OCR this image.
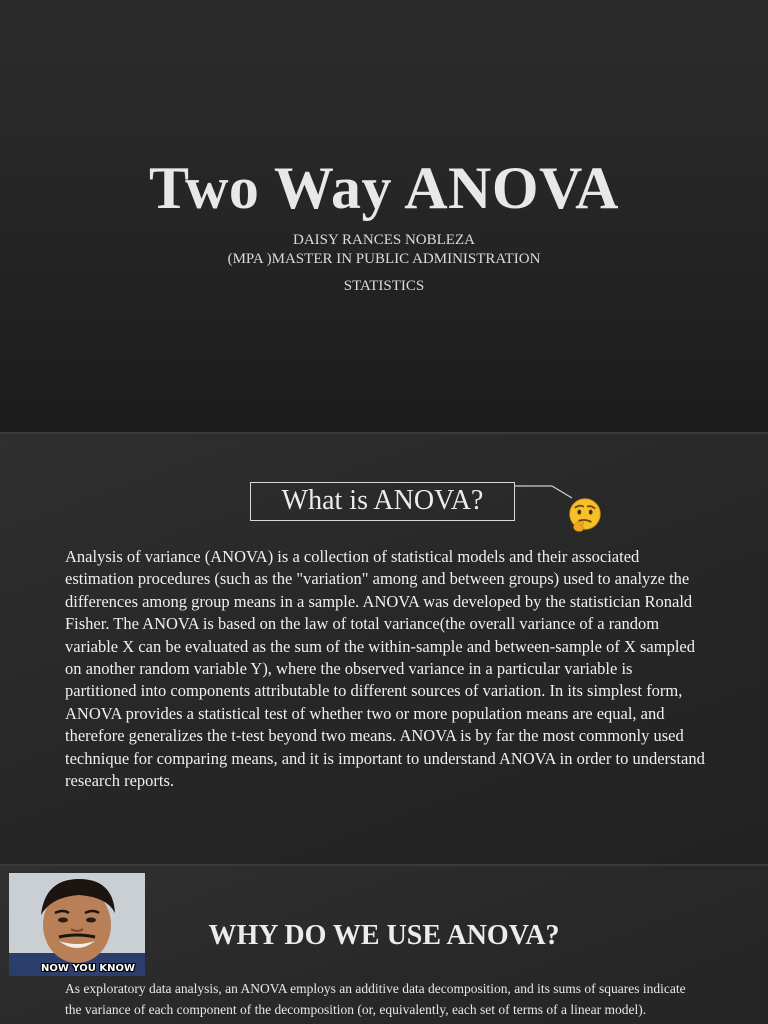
Two Way ANOVA
DAISY RANCES NOBLEZA
(MPA )MASTER IN PUBLIC ADMINISTRATION
STATISTICS
What is ANOVA?

Analysis of variance (ANOVA) is a collection of statistical models and their associated estimation procedures (such as the "variation" among and between groups) used to analyze the differences among group means in a sample. ANOVA was developed by the statistician Ronald Fisher. The ANOVA is based on the law of total variance(the overall variance of a random variable X can be evaluated as the sum of the within-sample and between-sample of X sampled on another random variable Y), where the observed variance in a particular variable is partitioned into components attributable to different sources of variation. In its simplest form, ANOVA provides a statistical test of whether two or more population means are equal, and therefore generalizes the t-test beyond two means. ANOVA is by far the most commonly used technique for comparing means, and it is important to understand ANOVA in order to understand research reports.

NOW YOU KNOW
WHY DO WE USE ANOVA?

As exploratory data analysis, an ANOVA employs an additive data decomposition, and its sums of squares indicate the variance of each component of the decomposition (or, equivalently, each set of terms of a linear model).
